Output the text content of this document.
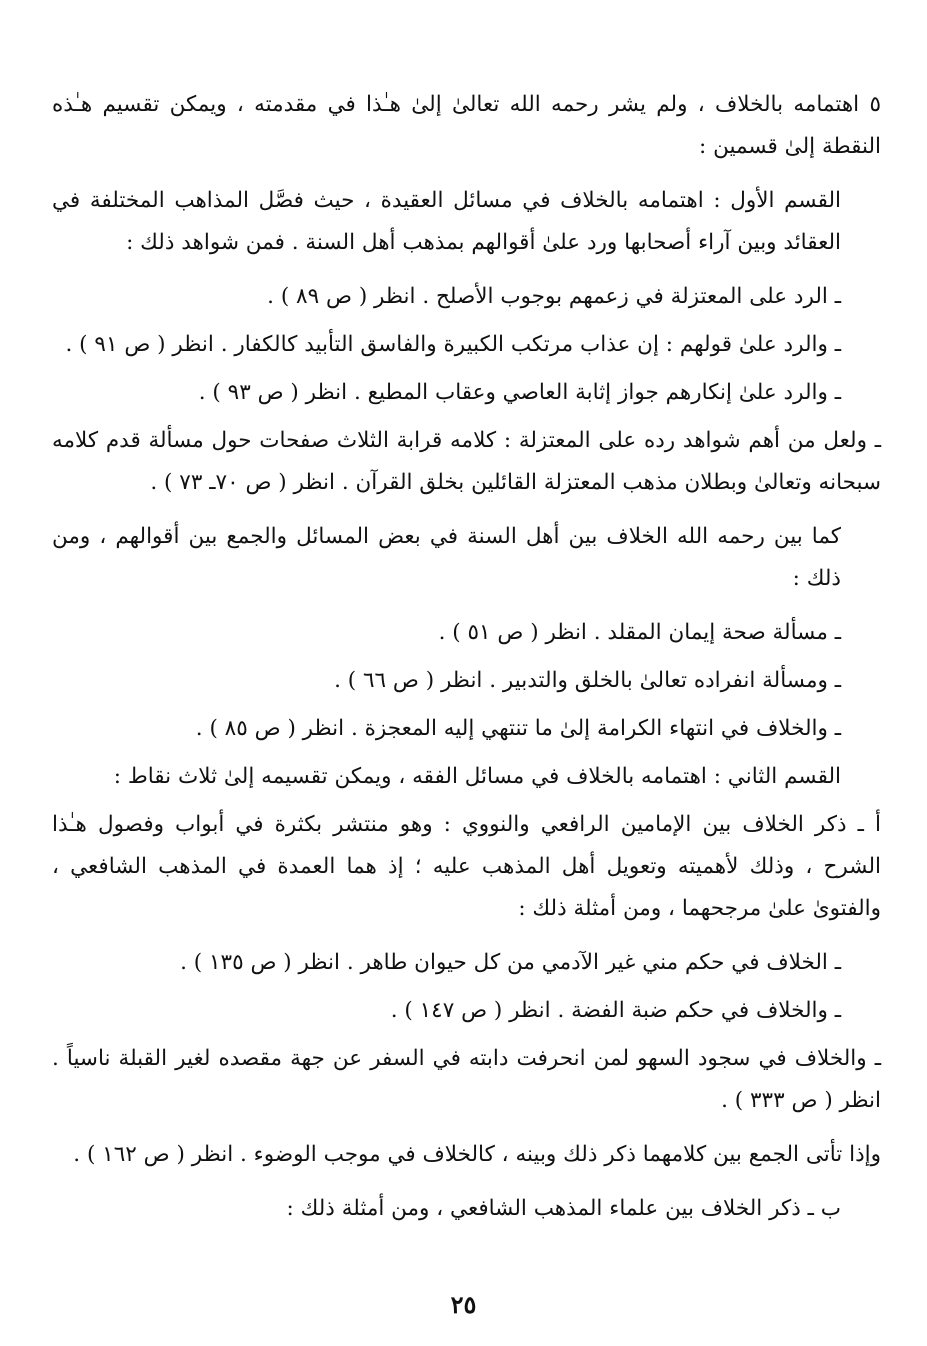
٥ اهتمامه بالخلاف ، ولم يشر رحمه الله تعالىٰ إلىٰ هـٰذا في مقدمته ، ويمكن تقسيم هـٰذه النقطة إلىٰ قسمين :

القسم الأول : اهتمامه بالخلاف في مسائل العقيدة ، حيث فصَّل المذاهب المختلفة في العقائد وبين آراء أصحابها ورد علىٰ أقوالهم بمذهب أهل السنة . فمن شواهد ذلك :

ـ الرد على المعتزلة في زعمهم بوجوب الأصلح . انظر ( ص ٨٩ ) .

ـ والرد علىٰ قولهم : إن عذاب مرتكب الكبيرة والفاسق التأبيد كالكفار . انظر ( ص ٩١ ) .

ـ والرد علىٰ إنكارهم جواز إثابة العاصي وعقاب المطيع . انظر ( ص ٩٣ ) .

ـ ولعل من أهم شواهد رده على المعتزلة : كلامه قرابة الثلاث صفحات حول مسألة قدم كلامه سبحانه وتعالىٰ وبطلان مذهب المعتزلة القائلين بخلق القرآن . انظر ( ص ٧٠ـ ٧٣ ) .

كما بين رحمه الله الخلاف بين أهل السنة في بعض المسائل والجمع بين أقوالهم ، ومن ذلك :

ـ مسألة صحة إيمان المقلد . انظر ( ص ٥١ ) .

ـ ومسألة انفراده تعالىٰ بالخلق والتدبير . انظر ( ص ٦٦ ) .

ـ والخلاف في انتهاء الكرامة إلىٰ ما تنتهي إليه المعجزة . انظر ( ص ٨٥ ) .

القسم الثاني : اهتمامه بالخلاف في مسائل الفقه ، ويمكن تقسيمه إلىٰ ثلاث نقاط :

أ ـ ذكر الخلاف بين الإمامين الرافعي والنووي : وهو منتشر بكثرة في أبواب وفصول هـٰذا الشرح ، وذلك لأهميته وتعويل أهل المذهب عليه ؛ إذ هما العمدة في المذهب الشافعي ، والفتوىٰ علىٰ مرجحهما ، ومن أمثلة ذلك :

ـ الخلاف في حكم مني غير الآدمي من كل حيوان طاهر . انظر ( ص ١٣٥ ) .

ـ والخلاف في حكم ضبة الفضة . انظر ( ص ١٤٧ ) .

ـ والخلاف في سجود السهو لمن انحرفت دابته في السفر عن جهة مقصده لغير القبلة ناسياً . انظر ( ص ٣٣٣ ) .

وإذا تأتى الجمع بين كلامهما ذكر ذلك وبينه ، كالخلاف في موجب الوضوء . انظر ( ص ١٦٢ ) .

ب ـ ذكر الخلاف بين علماء المذهب الشافعي ، ومن أمثلة ذلك :

٢٥
